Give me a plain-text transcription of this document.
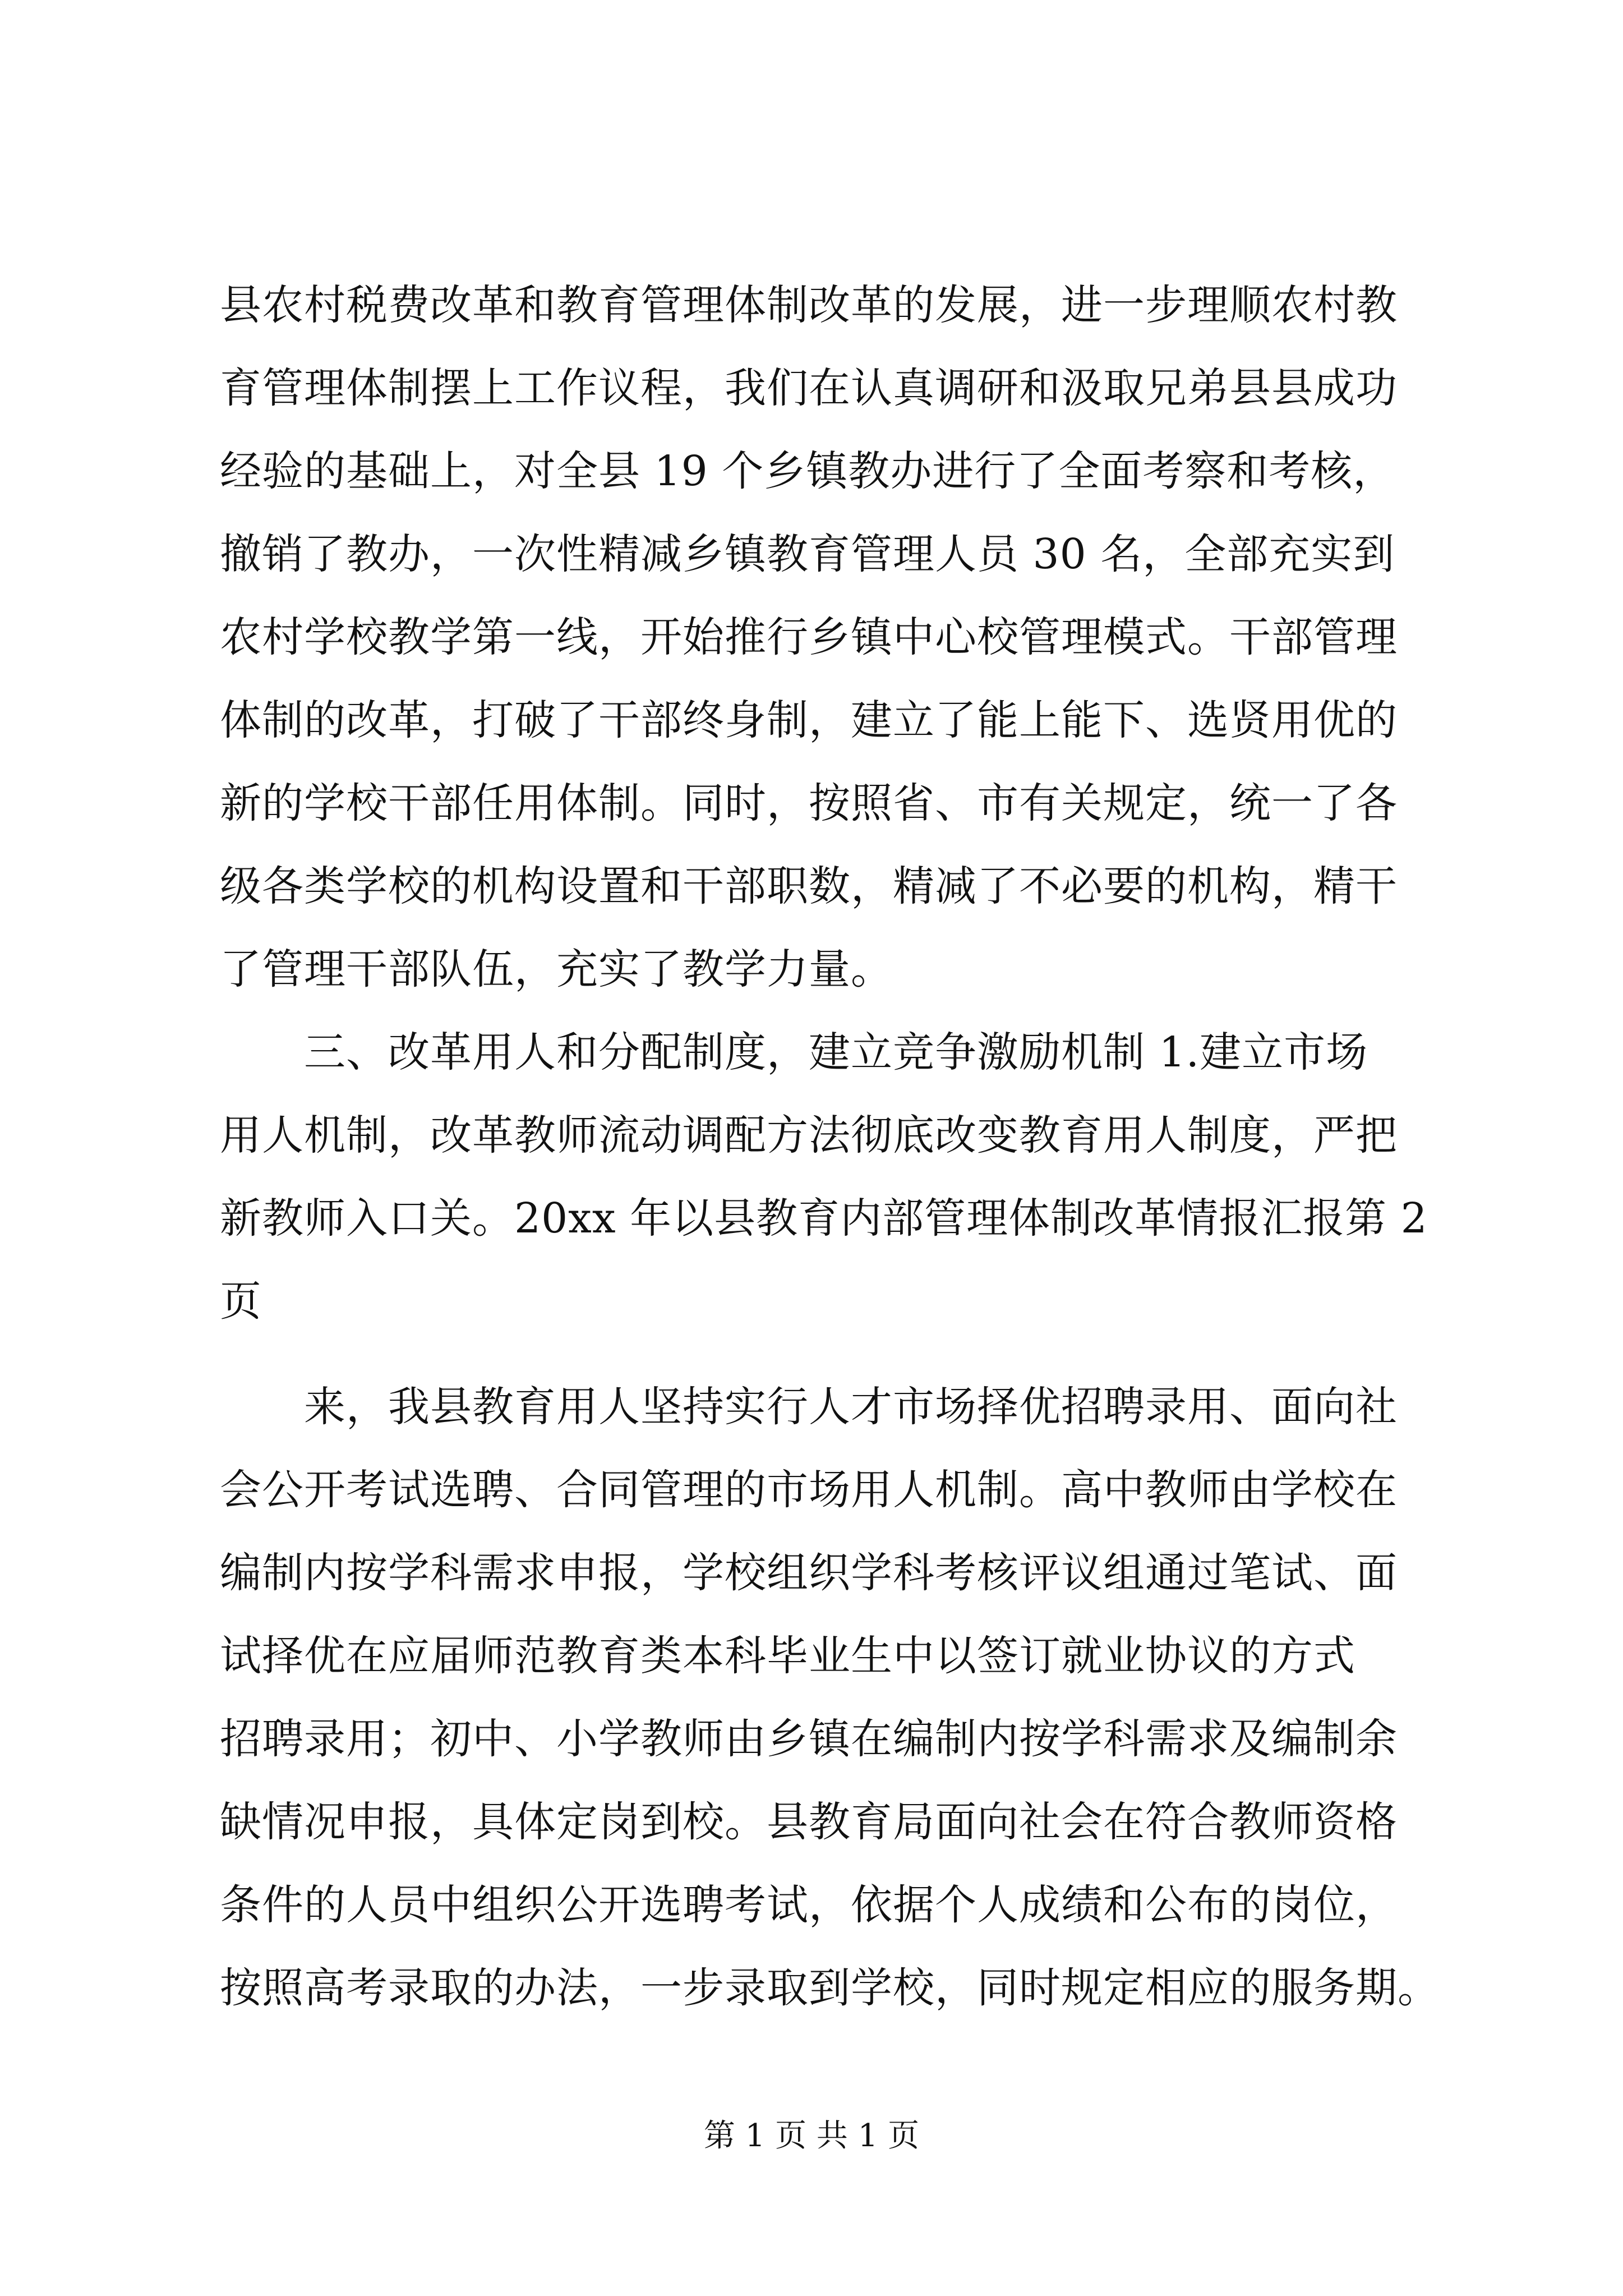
县农村税费改革和教育管理体制改革的发展，进一步理顺农村教
育管理体制摆上工作议程，我们在认真调研和汲取兄弟县县成功
经验的基础上，对全县 19 个乡镇教办进行了全面考察和考核，
撤销了教办，一次性精减乡镇教育管理人员 30 名，全部充实到
农村学校教学第一线，开始推行乡镇中心校管理模式。干部管理
体制的改革，打破了干部终身制，建立了能上能下、选贤用优的
新的学校干部任用体制。同时，按照省、市有关规定，统一了各
级各类学校的机构设置和干部职数，精减了不必要的机构，精干
了管理干部队伍，充实了教学力量。
三、改革用人和分配制度，建立竞争激励机制 1.建立市场
用人机制，改革教师流动调配方法彻底改变教育用人制度，严把
新教师入口关。20xx 年以县教育内部管理体制改革情报汇报第 2
页
来，我县教育用人坚持实行人才市场择优招聘录用、面向社
会公开考试选聘、合同管理的市场用人机制。高中教师由学校在
编制内按学科需求申报，学校组织学科考核评议组通过笔试、面
试择优在应届师范教育类本科毕业生中以签订就业协议的方式
招聘录用；初中、小学教师由乡镇在编制内按学科需求及编制余
缺情况申报，具体定岗到校。县教育局面向社会在符合教师资格
条件的人员中组织公开选聘考试，依据个人成绩和公布的岗位，
按照高考录取的办法，一步录取到学校，同时规定相应的服务期。
第 1 页 共 1 页
